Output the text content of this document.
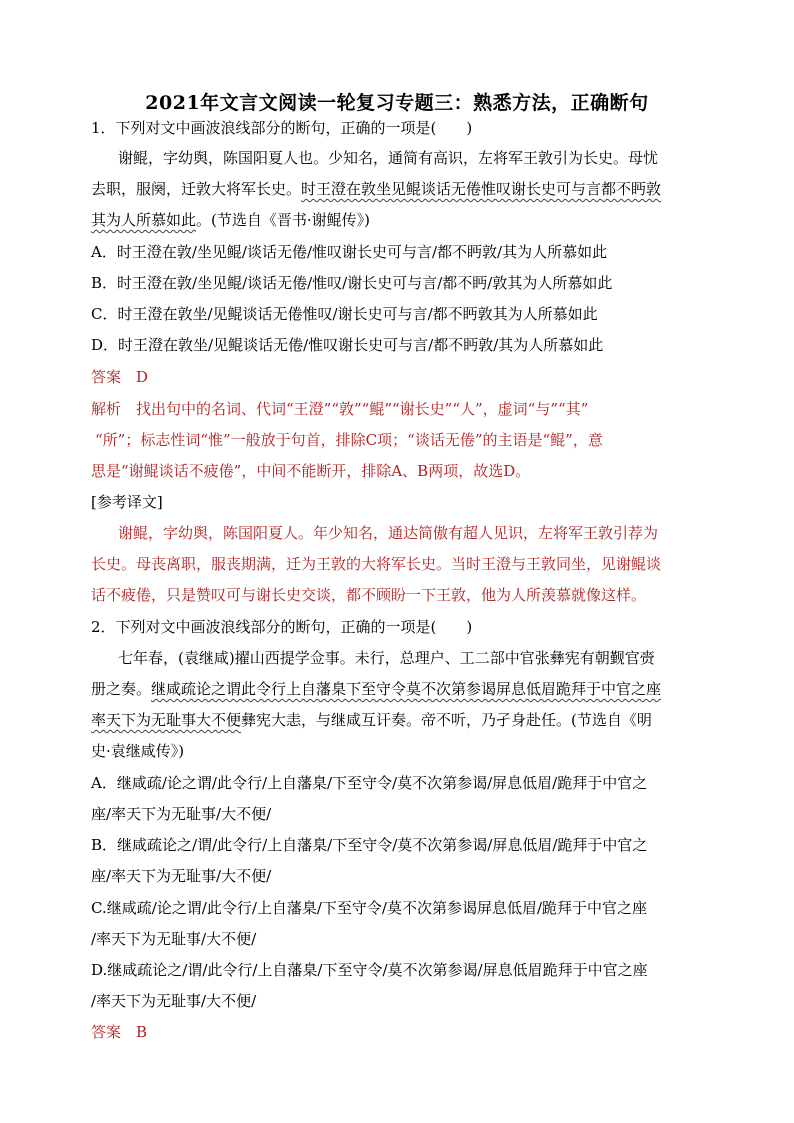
2021年文言文阅读一轮复习专题三：熟悉方法，正确断句
1．下列对文中画波浪线部分的断句，正确的一项是(　　)
谢鲲，字幼舆，陈国阳夏人也。少知名，通简有高识，左将军王敦引为长史。母忧
去职，服阕，迁敦大将军长史。时王澄在敦坐见鲲谈话无倦惟叹谢长史可与言都不眄敦
其为人所慕如此。(节选自《晋书·谢鲲传》)
A．时王澄在敦/坐见鲲/谈话无倦/惟叹谢长史可与言/都不眄敦/其为人所慕如此
B．时王澄在敦/坐见鲲/谈话无倦/惟叹/谢长史可与言/都不眄/敦其为人所慕如此
C．时王澄在敦坐/见鲲谈话无倦惟叹/谢长史可与言/都不眄敦其为人所慕如此
D．时王澄在敦坐/见鲲谈话无倦/惟叹谢长史可与言/都不眄敦/其为人所慕如此
答案　D
解析　找出句中的名词、代词“王澄”“敦”“鲲”“谢长史”“人”，虚词“与”“其”
“所”；标志性词“惟”一般放于句首，排除C项；“谈话无倦”的主语是“鲲”，意
思是“谢鲲谈话不疲倦”，中间不能断开，排除A、B两项，故选D。
[参考译文]
谢鲲，字幼舆，陈国阳夏人。年少知名，通达简傲有超人见识，左将军王敦引荐为
长史。母丧离职，服丧期满，迁为王敦的大将军长史。当时王澄与王敦同坐，见谢鲲谈
话不疲倦，只是赞叹可与谢长史交谈，都不顾盼一下王敦，他为人所羡慕就像这样。
2．下列对文中画波浪线部分的断句，正确的一项是(　　)
七年春，(袁继咸)擢山西提学佥事。未行，总理户、工二部中官张彝宪有朝觐官赍
册之奏。继咸疏论之谓此令行上自藩臬下至守令莫不次第参谒屏息低眉跪拜于中官之座
率天下为无耻事大不便彝宪大恚，与继咸互讦奏。帝不听，乃孑身赴任。(节选自《明
史·袁继咸传》)
A．继咸疏/论之谓/此令行/上自藩臬/下至守令/莫不次第参谒/屏息低眉/跪拜于中官之
座/率天下为无耻事/大不便/
B．继咸疏论之/谓/此令行/上自藩臬/下至守令/莫不次第参谒/屏息低眉/跪拜于中官之
座/率天下为无耻事/大不便/
C.继咸疏/论之谓/此令行/上自藩臬/下至守令/莫不次第参谒屏息低眉/跪拜于中官之座
/率天下为无耻事/大不便/
D.继咸疏论之/谓/此令行/上自藩臬/下至守令/莫不次第参谒/屏息低眉跪拜于中官之座
/率天下为无耻事/大不便/
答案　B
